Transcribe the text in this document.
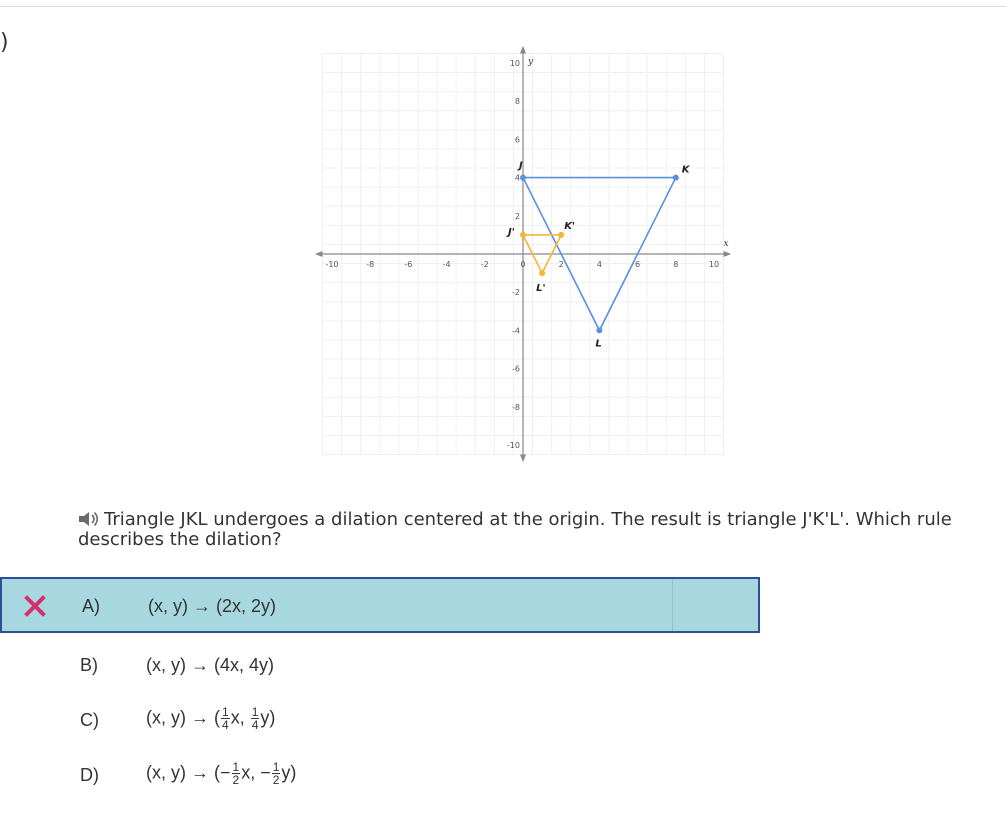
)
x
y
-10	-8	-6	-4	-2	0	2	4	6	8	10
10
8
6
4
2
-2
-4
-6
-8
-10
J	K
L
J'
K'
L'
Triangle JKL undergoes a dilation centered at the origin. The result is triangle J'K'L'. Which rule describes the dilation?
A)	(x, y) → (2x, 2y)
B)	(x, y) → (4x, 4y)
C)	(x, y) → ( $\frac{1}{4} x$, $\frac{1}{4} y$)
D)	(x, y) → (− $\frac{1}{2} x$, − $\frac{1}{2} y$)
